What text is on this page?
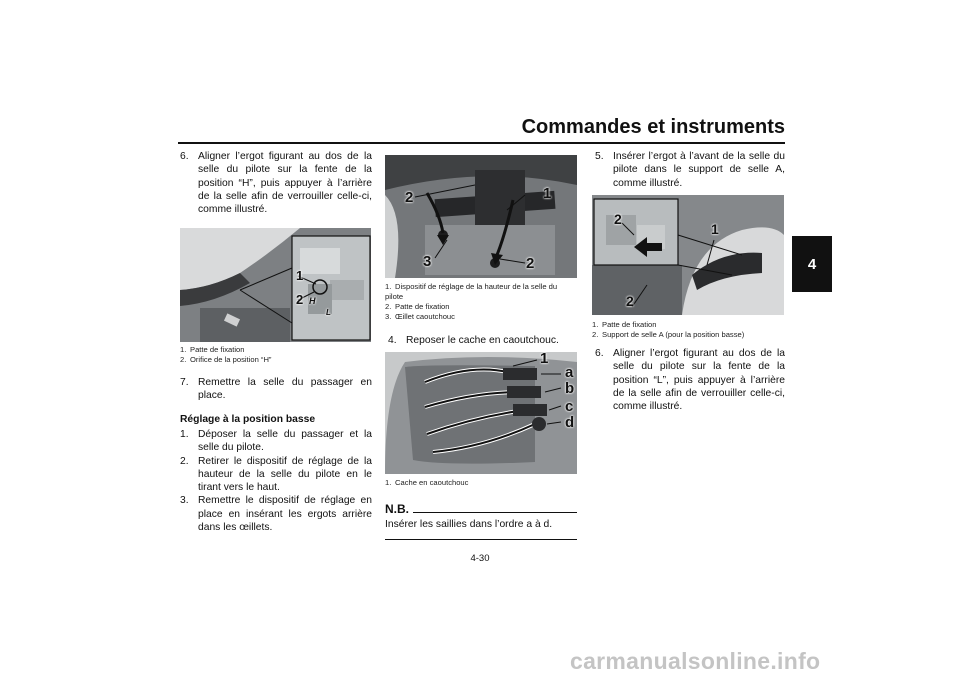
Commandes et instruments
4
6. Aligner l’ergot figurant au dos de la selle du pilote sur la fente de la position “H”, puis appuyer à l’arrière de la selle afin de verrouiller celle-ci, comme illustré.
1
2 H
L
1. Patte de fixation
2. Orifice de la position “H”
7. Remettre la selle du passager en place.
Réglage à la position basse
1. Déposer la selle du passager et la selle du pilote.
2. Retirer le dispositif de réglage de la hauteur de la selle du pilote en le tirant vers le haut.
3. Remettre le dispositif de réglage en place en insérant les ergots arrière dans les œillets.
1
2
2
3
1. Dispositif de réglage de la hauteur de la selle du pilote
2. Patte de fixation
3. Œillet caoutchouc
4. Reposer le cache en caoutchouc.
1
a
b
c
d
1. Cache en caoutchouc
N.B.
Insérer les saillies dans l’ordre a à d.
5. Insérer l’ergot à l’avant de la selle du pilote dans le support de selle A, comme illustré.
2
1
2
1. Patte de fixation
2. Support de selle A (pour la position basse)
6. Aligner l’ergot figurant au dos de la selle du pilote sur la fente de la position “L”, puis appuyer à l’arrière de la selle afin de verrouiller celle-ci, comme illustré.
4-30
carmanualsonline.info
